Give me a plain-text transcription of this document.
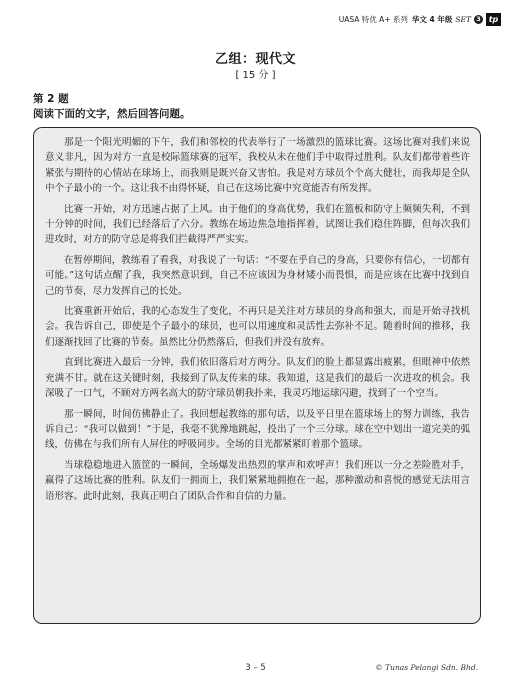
UASA 特优 A+ 系列 华文 4 年级 SET 3 tp
乙组：现代文
[ 15 分 ]
第 2 题
阅读下面的文字，然后回答问题。

那是一个阳光明媚的下午，我们和邻校的代表举行了一场激烈的篮球比赛。这场比赛对我们来说意义非凡，因为对方一直是校际篮球赛的冠军，我校从未在他们手中取得过胜利。队友们都带着些许紧张与期待的心情站在球场上，而我则是既兴奋又害怕。我是对方球员个个高大健壮，而我却是全队中个子最小的一个。这让我不由得怀疑，自己在这场比赛中究竟能否有所发挥。

比赛一开始，对方迅速占据了上风。由于他们的身高优势，我们在篮板和防守上频频失利，不到十分钟的时间，我们已经落后了六分。教练在场边焦急地指挥着，试图让我们稳住阵脚，但每次我们进攻时，对方的防守总是将我们拦截得严严实实。

在暂停期间，教练看了看我，对我说了一句话：“不要在乎自己的身高，只要你有信心，一切都有可能。”这句话点醒了我，我突然意识到，自己不应该因为身材矮小而畏惧，而是应该在比赛中找到自己的节奏，尽力发挥自己的长处。

比赛重新开始后，我的心态发生了变化，不再只是关注对方球员的身高和强大，而是开始寻找机会。我告诉自己，即使是个子最小的球员，也可以用速度和灵活性去弥补不足。随着时间的推移，我们逐渐找回了比赛的节奏。虽然比分仍然落后，但我们并没有放弃。

直到比赛进入最后一分钟，我们依旧落后对方两分。队友们的脸上都显露出疲累，但眼神中依然充满不甘。就在这关键时刻，我接到了队友传来的球。我知道，这是我们的最后一次进攻的机会。我深吸了一口气，不顾对方两名高大的防守球员朝我扑来，我灵巧地运球闪避，找到了一个空当。

那一瞬间，时间仿佛静止了。我回想起教练的那句话，以及平日里在篮球场上的努力训练，我告诉自己：“我可以做到！”于是，我毫不犹豫地跳起，投出了一个三分球。球在空中划出一道完美的弧线，仿佛在与我们所有人屏住的呼吸同步。全场的目光都紧紧盯着那个篮球。

当球稳稳地进入篮筐的一瞬间，全场爆发出热烈的掌声和欢呼声！我们班以一分之差险胜对手，赢得了这场比赛的胜利。队友们一拥而上，我们紧紧地拥抱在一起，那种激动和喜悦的感觉无法用言语形容。此时此刻，我真正明白了团队合作和自信的力量。

3 – 5	© Tunas Pelangi Sdn. Bhd.
